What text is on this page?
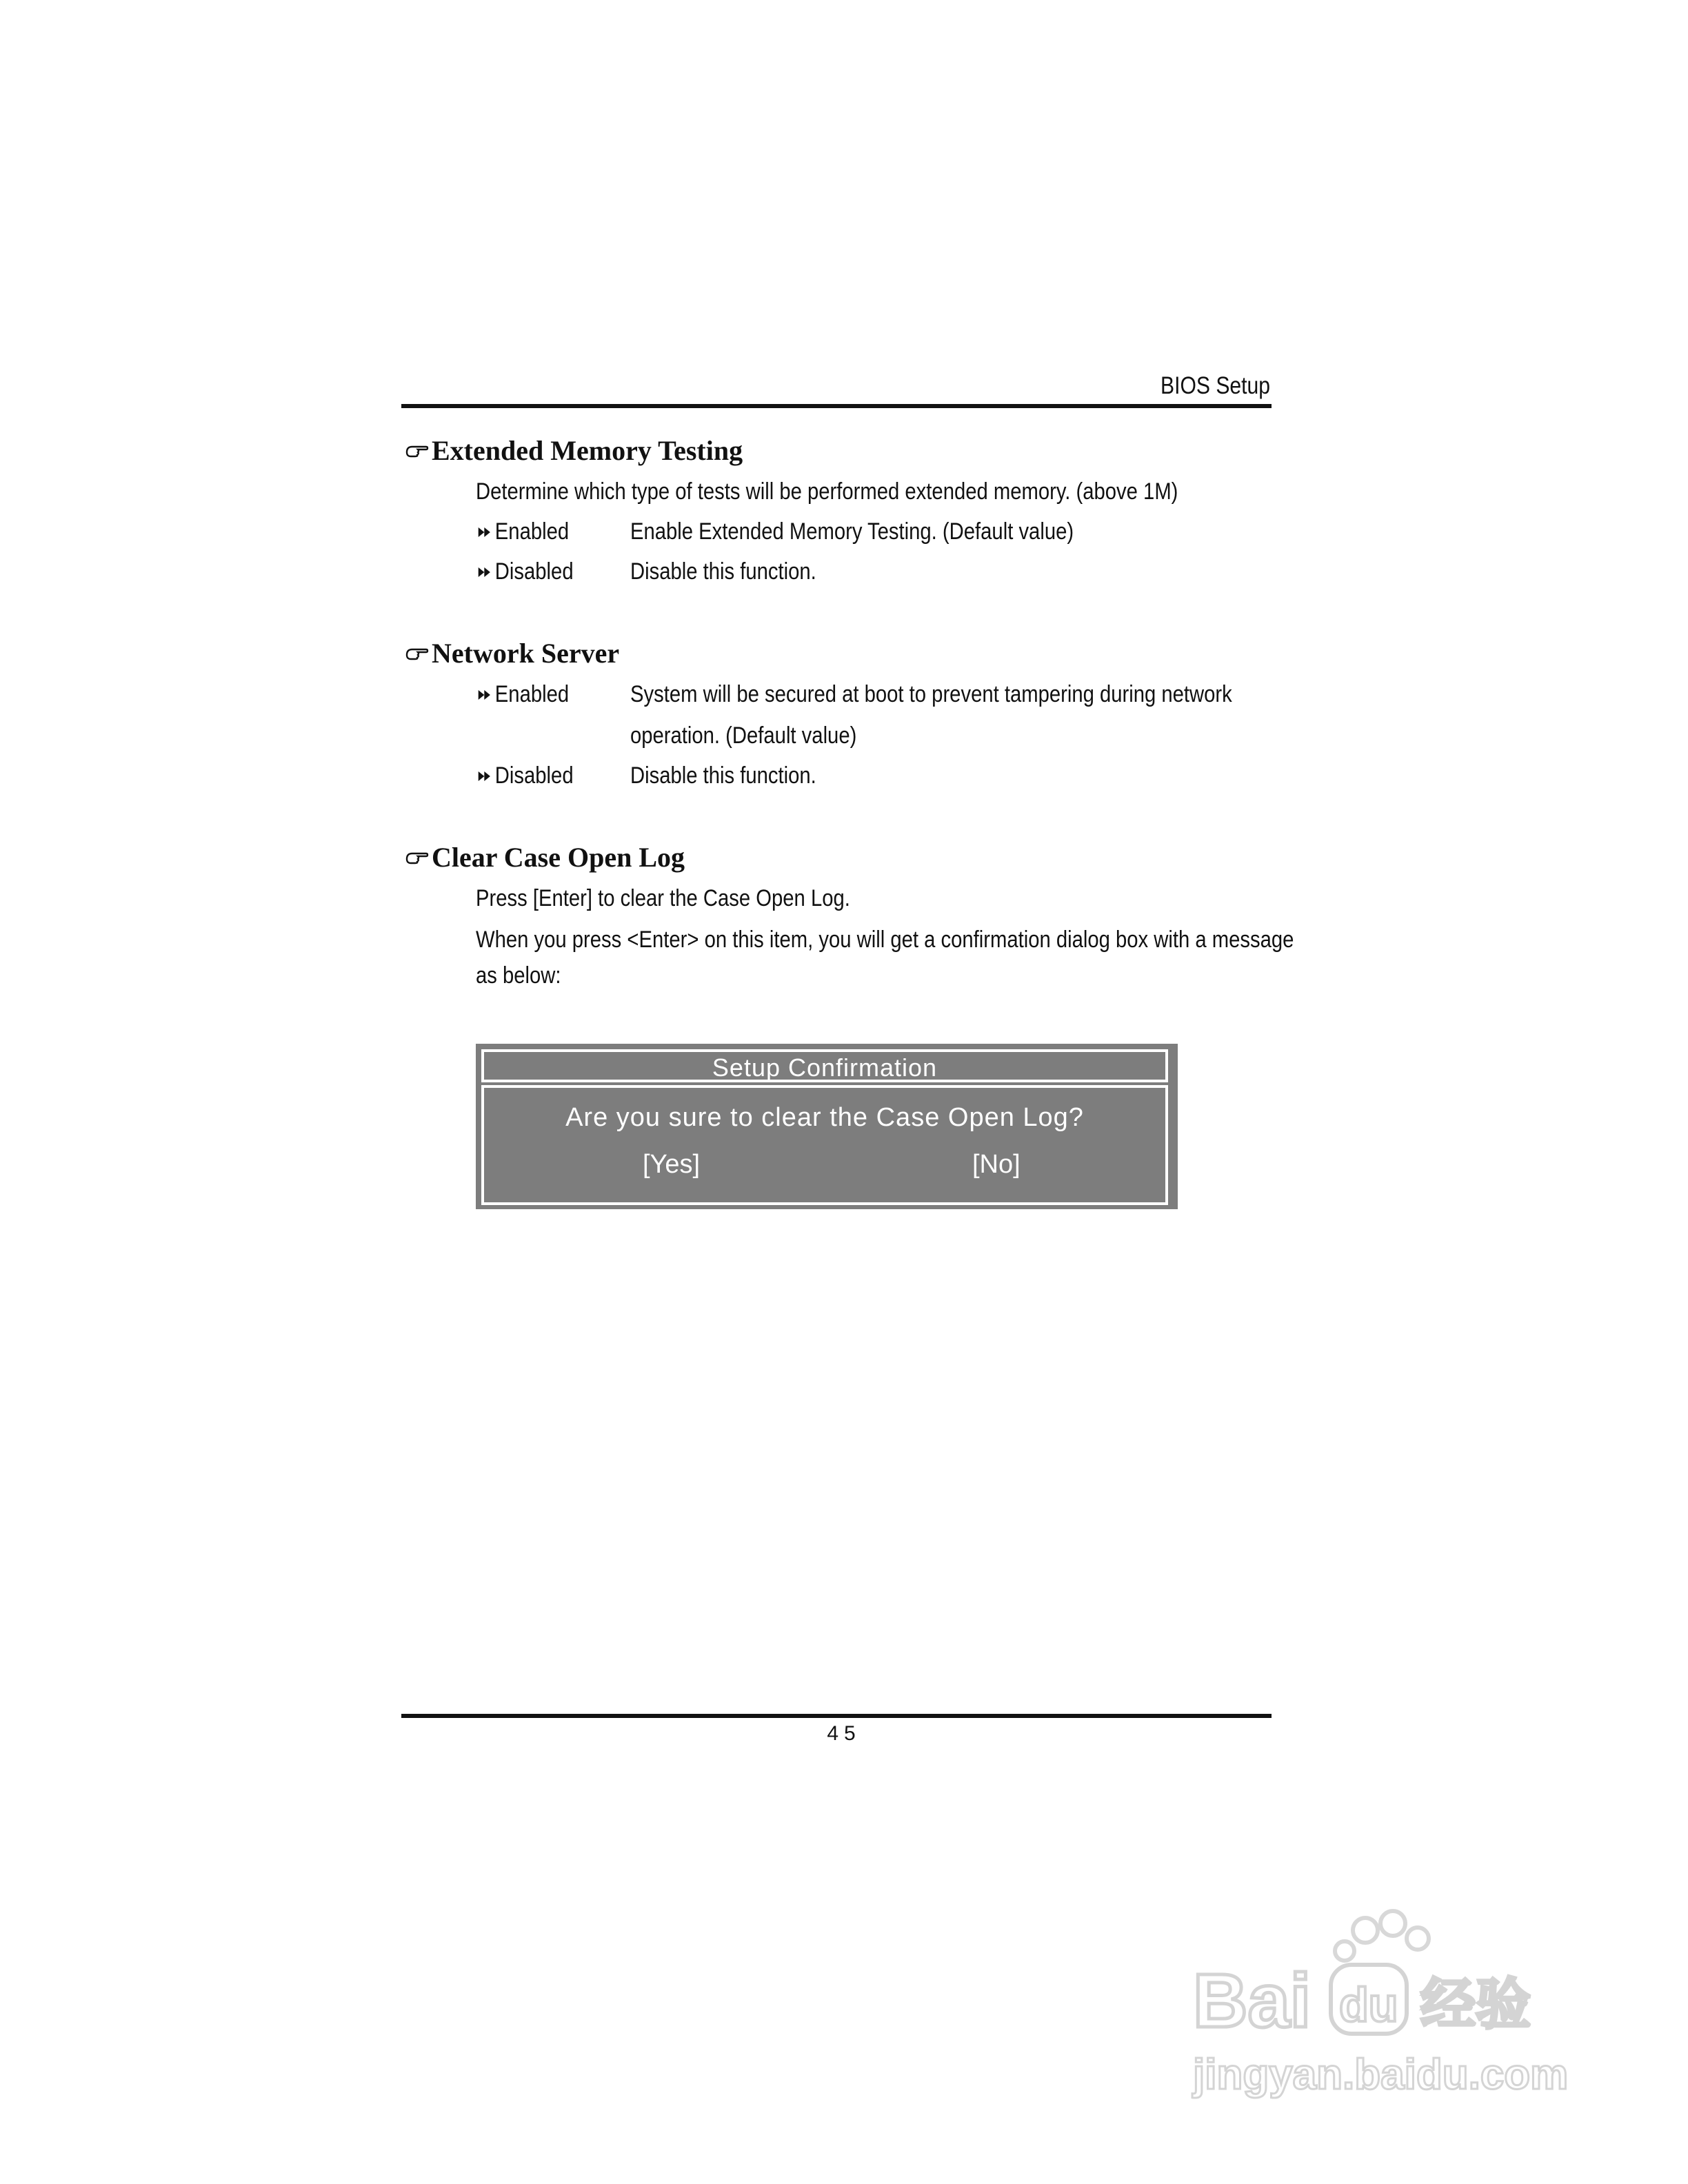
BIOS Setup
Extended Memory Testing
Determine which type of tests will be performed extended memory. (above 1M)
Enabled	Enable Extended Memory Testing. (Default value)
Disabled Disable this function.
Network Server
Enabled	System will be secured at boot to prevent tampering during network
operation. (Default value)
Disabled Disable this function.
Clear Case Open Log
Press [Enter] to clear the Case Open Log.
When you press <Enter> on this item, you will get a confirmation dialog box with a message
as below:
Setup Confirmation
Are you sure to clear the Case Open Log?
[Yes]	[No]
45
Bai du 经验
jingyan.baidu.com
